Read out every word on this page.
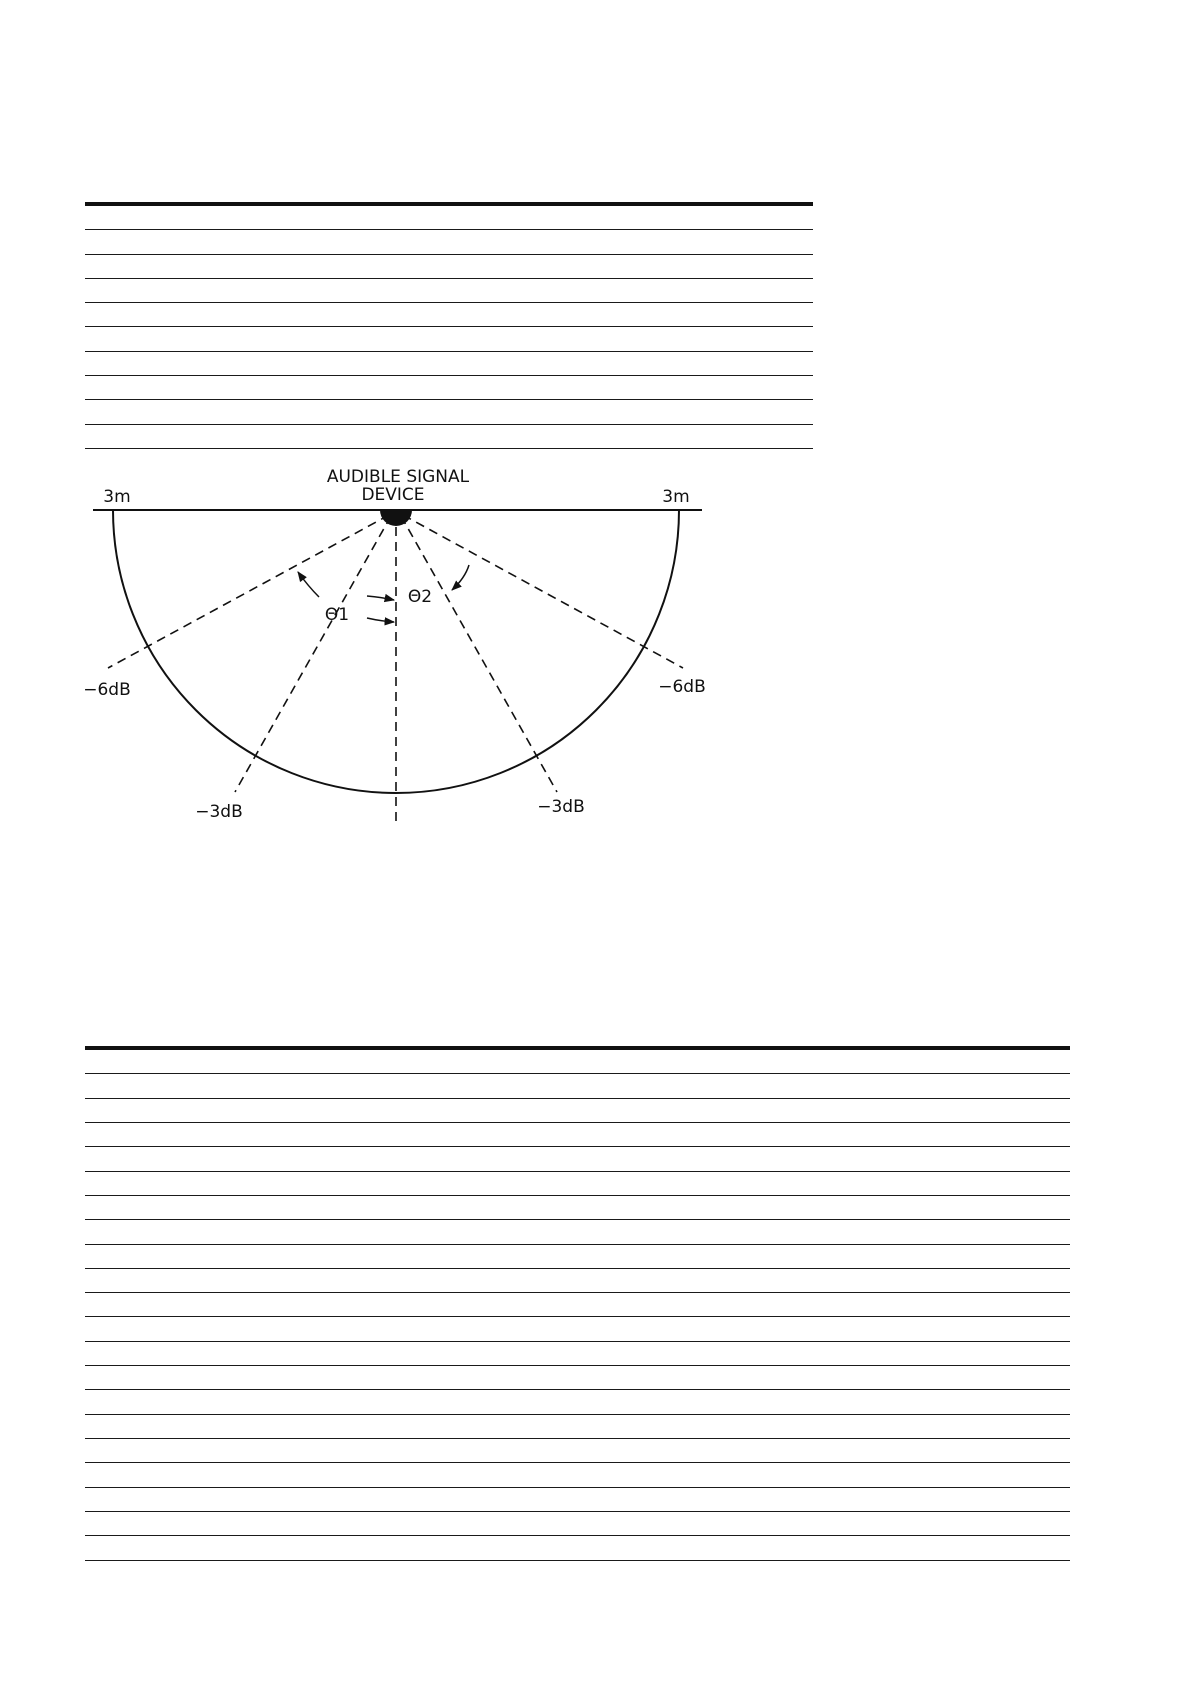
AUDIBLE SIGNAL
DEVICE
3m	3m
Θ1
Θ2
−6dB	−6dB
−3dB	−3dB
